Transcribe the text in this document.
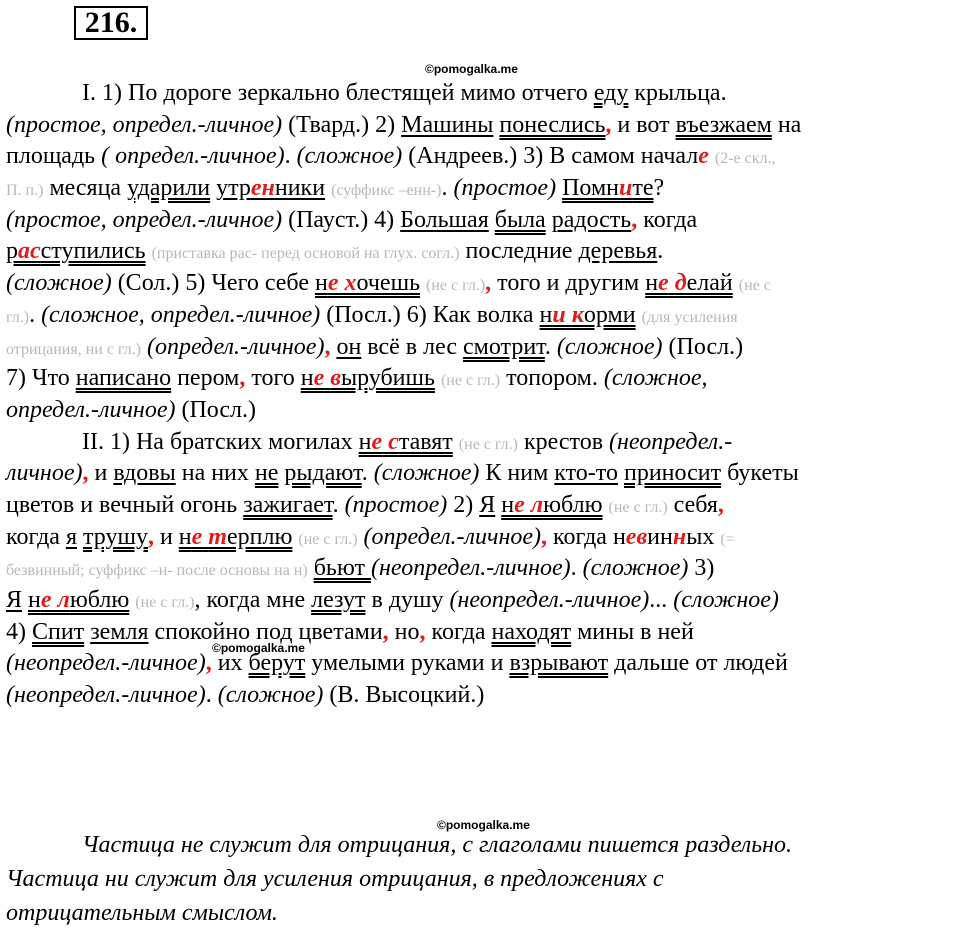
216.
©pomogalka.me
©pomogalka.me
©pomogalka.me
I. 1) По дороге зеркально блестящей мимо отчего еду крыльца.
(простое, определ.-личное) (Твард.) 2) Машины понеслись, и вот въезжаем на
площадь ( определ.-личное). (сложное) (Андреев.) 3) В самом начале (2-е скл.,
П. п.) месяца ударили утренники (суффикс –енн-). (простое) Помните?
(простое, определ.-личное) (Пауст.) 4) Большая была радость, когда
расступились (приставка рас- перед основой на глух. согл.) последние деревья.
(сложное) (Сол.) 5) Чего себе не хочешь (не с гл.), того и другим не делай (не с
гл.). (сложное, определ.-личное) (Посл.) 6) Как волка ни корми (для усиления
отрицания, ни с гл.) (определ.-личное), он всё в лес смотрит. (сложное) (Посл.)
7) Что написано пером, того не вырубишь (не с гл.) топором. (сложное,
определ.-личное) (Посл.)
II. 1) На братских могилах не ставят (не с гл.) крестов (неопредел.-
личное), и вдовы на них не рыдают. (сложное) К ним кто-то приносит букеты
цветов и вечный огонь зажигает. (простое) 2) Я не люблю (не с гл.) себя,
когда я трушу, и не терплю (не с гл.) (определ.-личное), когда невинных (=
безвинный; суффикс –н- после основы на н) бьют (неопредел.-личное). (сложное) 3)
Я не люблю (не с гл.), когда мне лезут в душу (неопредел.-личное)... (сложное)
4) Спит земля спокойно под цветами, но, когда находят мины в ней
(неопредел.-личное), их берут умелыми руками и взрывают дальше от людей
(неопредел.-личное). (сложное) (В. Высоцкий.)
Частица не служит для отрицания, с глаголами пишется раздельно.
Частица ни служит для усиления отрицания, в предложениях с
отрицательным смыслом.
